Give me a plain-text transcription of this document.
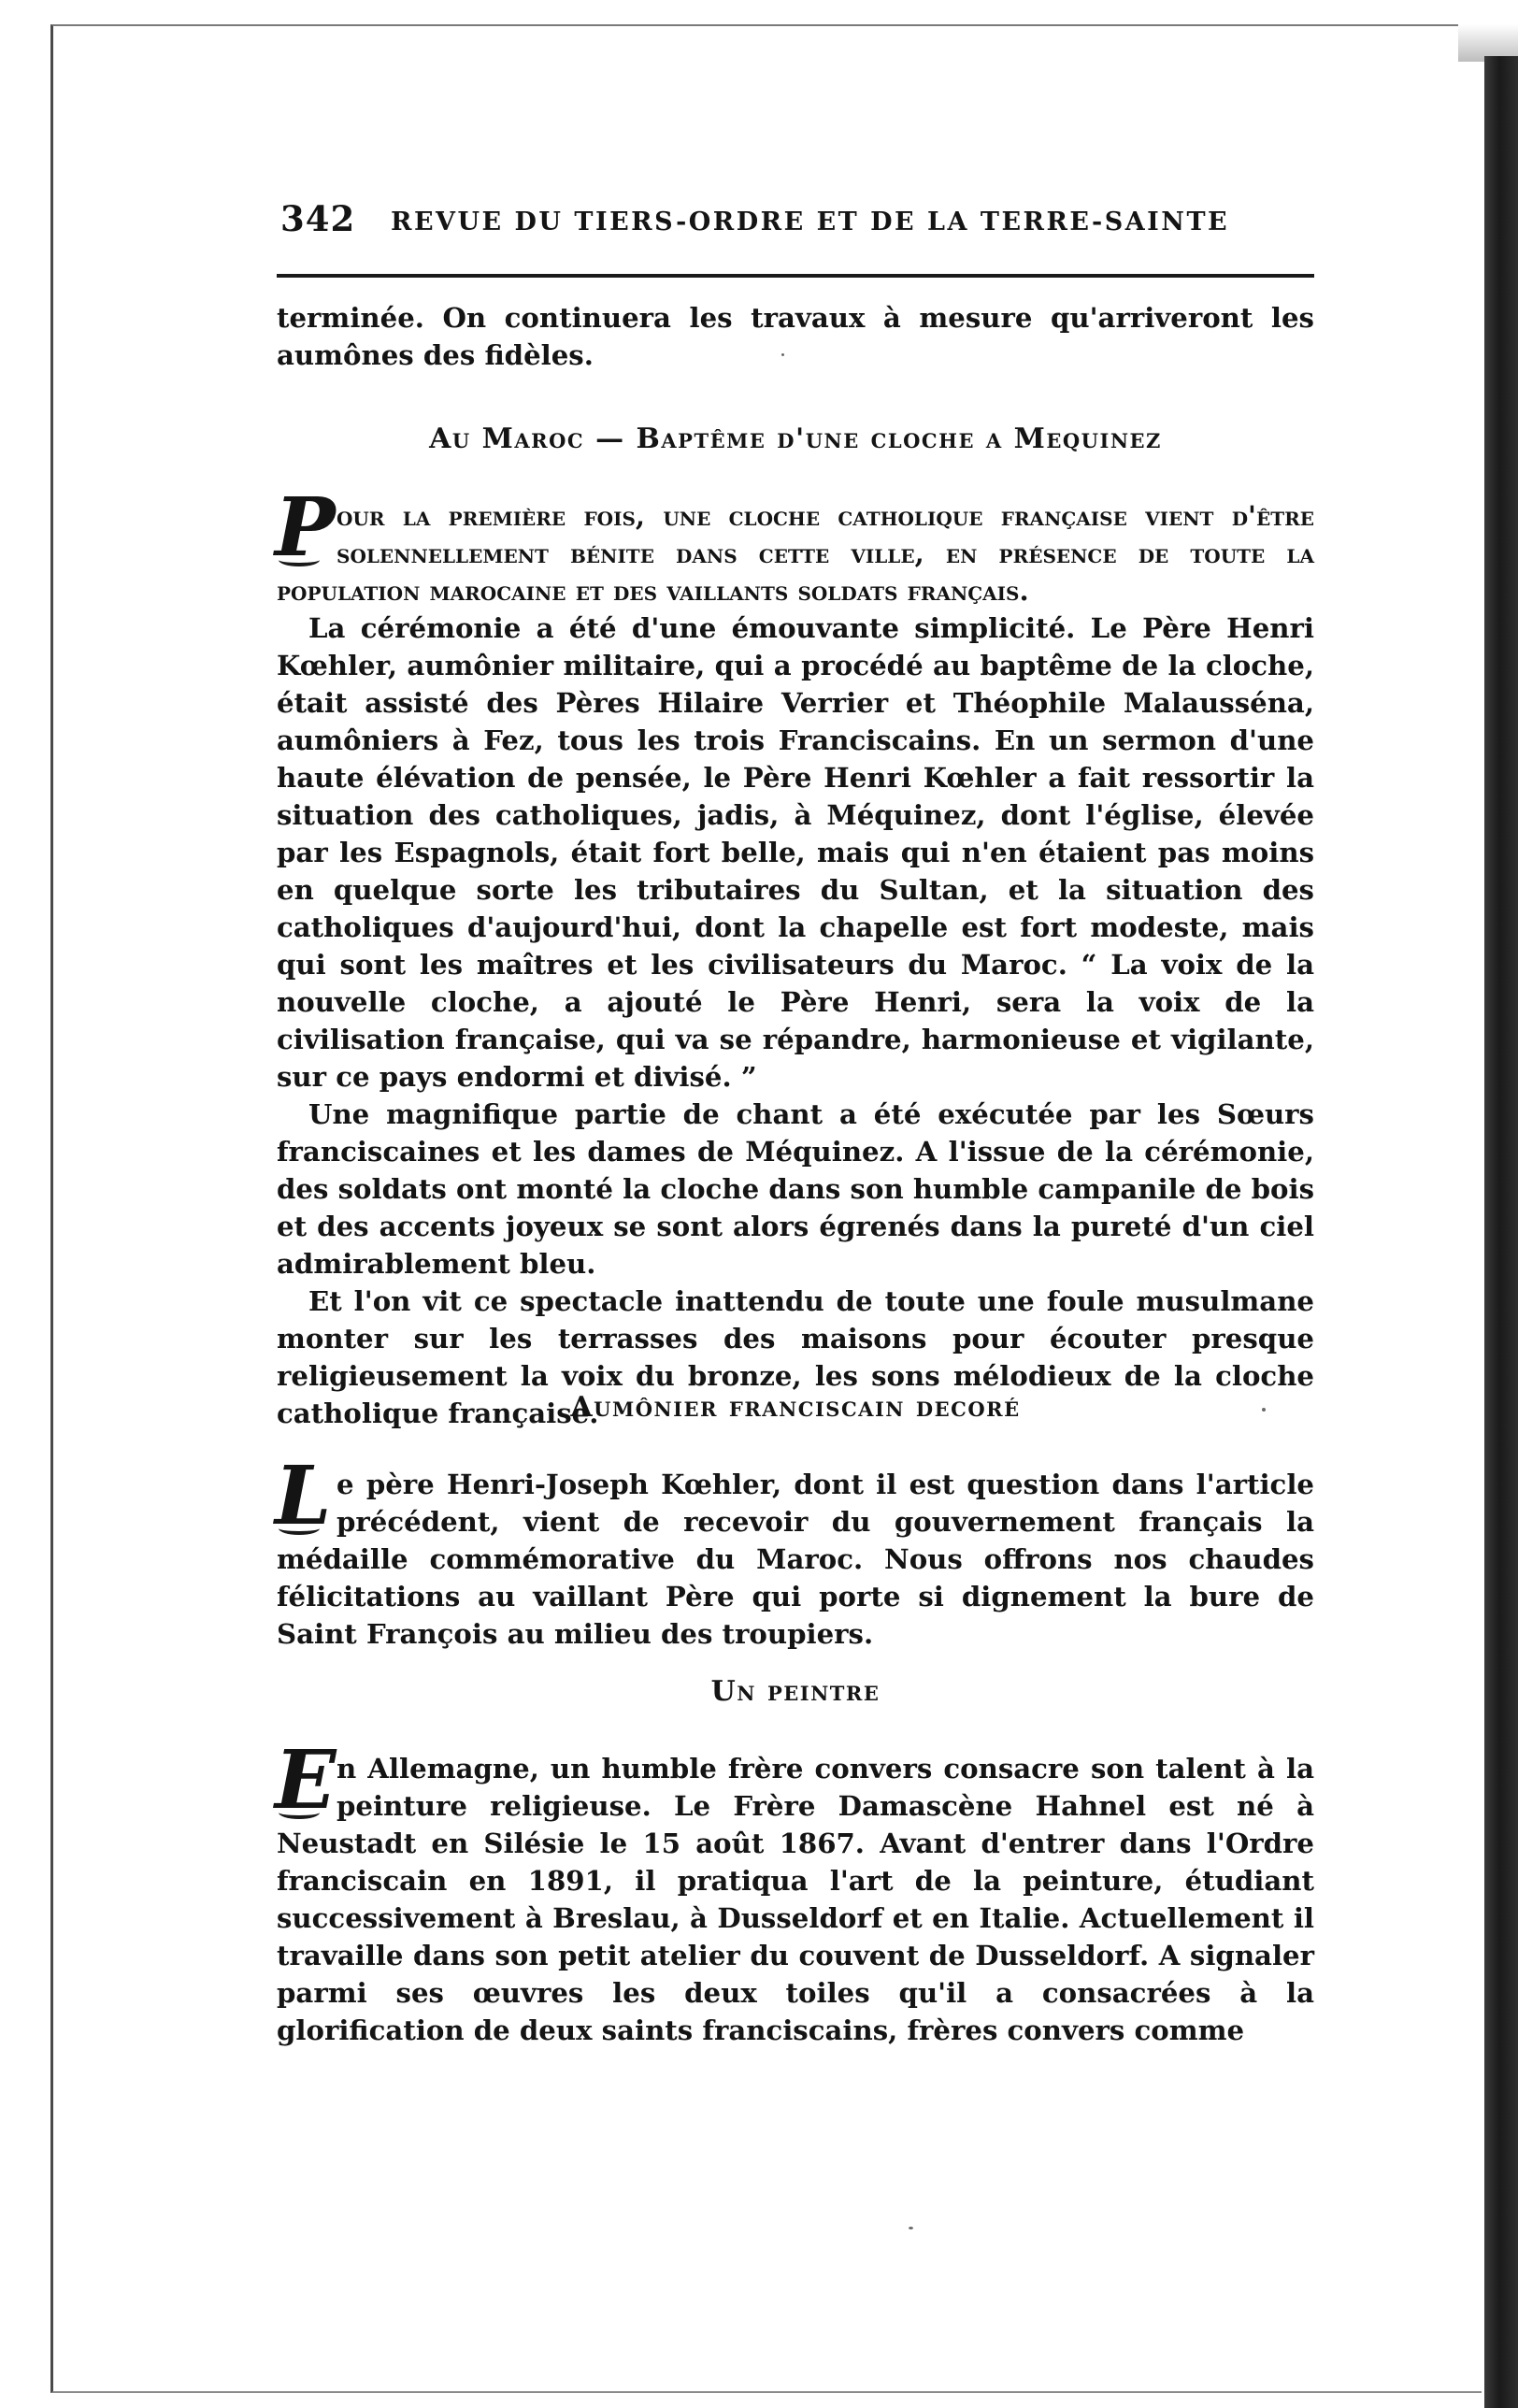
342 REVUE DU TIERS-ORDRE ET DE LA TERRE-SAINTE

terminée. On continuera les travaux à mesure qu'arriveront les aumônes des fidèles.

Au Maroc — Baptême d'une cloche a Mequinez

Pour la première fois, une cloche catholique française vient d'être solennellement bénite dans cette ville, en présence de toute la population marocaine et des vaillants soldats français.

La cérémonie a été d'une émouvante simplicité. Le Père Henri Kœhler, aumônier militaire, qui a procédé au baptême de la cloche, était assisté des Pères Hilaire Verrier et Théophile Malausséna, aumôniers à Fez, tous les trois Franciscains. En un sermon d'une haute élévation de pensée, le Père Henri Kœhler a fait ressortir la situation des catholiques, jadis, à Méquinez, dont l'église, élevée par les Espagnols, était fort belle, mais qui n'en étaient pas moins en quelque sorte les tributaires du Sultan, et la situation des catholiques d'aujourd'hui, dont la chapelle est fort modeste, mais qui sont les maîtres et les civilisateurs du Maroc. “ La voix de la nouvelle cloche, a ajouté le Père Henri, sera la voix de la civilisation française, qui va se répandre, harmonieuse et vigilante, sur ce pays endormi et divisé. ”

Une magnifique partie de chant a été exécutée par les Sœurs franciscaines et les dames de Méquinez. A l'issue de la cérémonie, des soldats ont monté la cloche dans son humble campanile de bois et des accents joyeux se sont alors égrenés dans la pureté d'un ciel admirablement bleu.

Et l'on vit ce spectacle inattendu de toute une foule musulmane monter sur les terrasses des maisons pour écouter presque religieusement la voix du bronze, les sons mélodieux de la cloche catholique française.

Aumônier franciscain decoré

Le père Henri-Joseph Kœhler, dont il est question dans l'article précédent, vient de recevoir du gouvernement français la médaille commémorative du Maroc. Nous offrons nos chaudes félicitations au vaillant Père qui porte si dignement la bure de Saint François au milieu des troupiers.

Un peintre

En Allemagne, un humble frère convers consacre son talent à la peinture religieuse. Le Frère Damascène Hahnel est né à Neustadt en Silésie le 15 août 1867. Avant d'entrer dans l'Ordre franciscain en 1891, il pratiqua l'art de la peinture, étudiant successivement à Breslau, à Dusseldorf et en Italie. Actuellement il travaille dans son petit atelier du couvent de Dusseldorf. A signaler parmi ses œuvres les deux toiles qu'il a consacrées à la glorification de deux saints franciscains, frères convers comme
